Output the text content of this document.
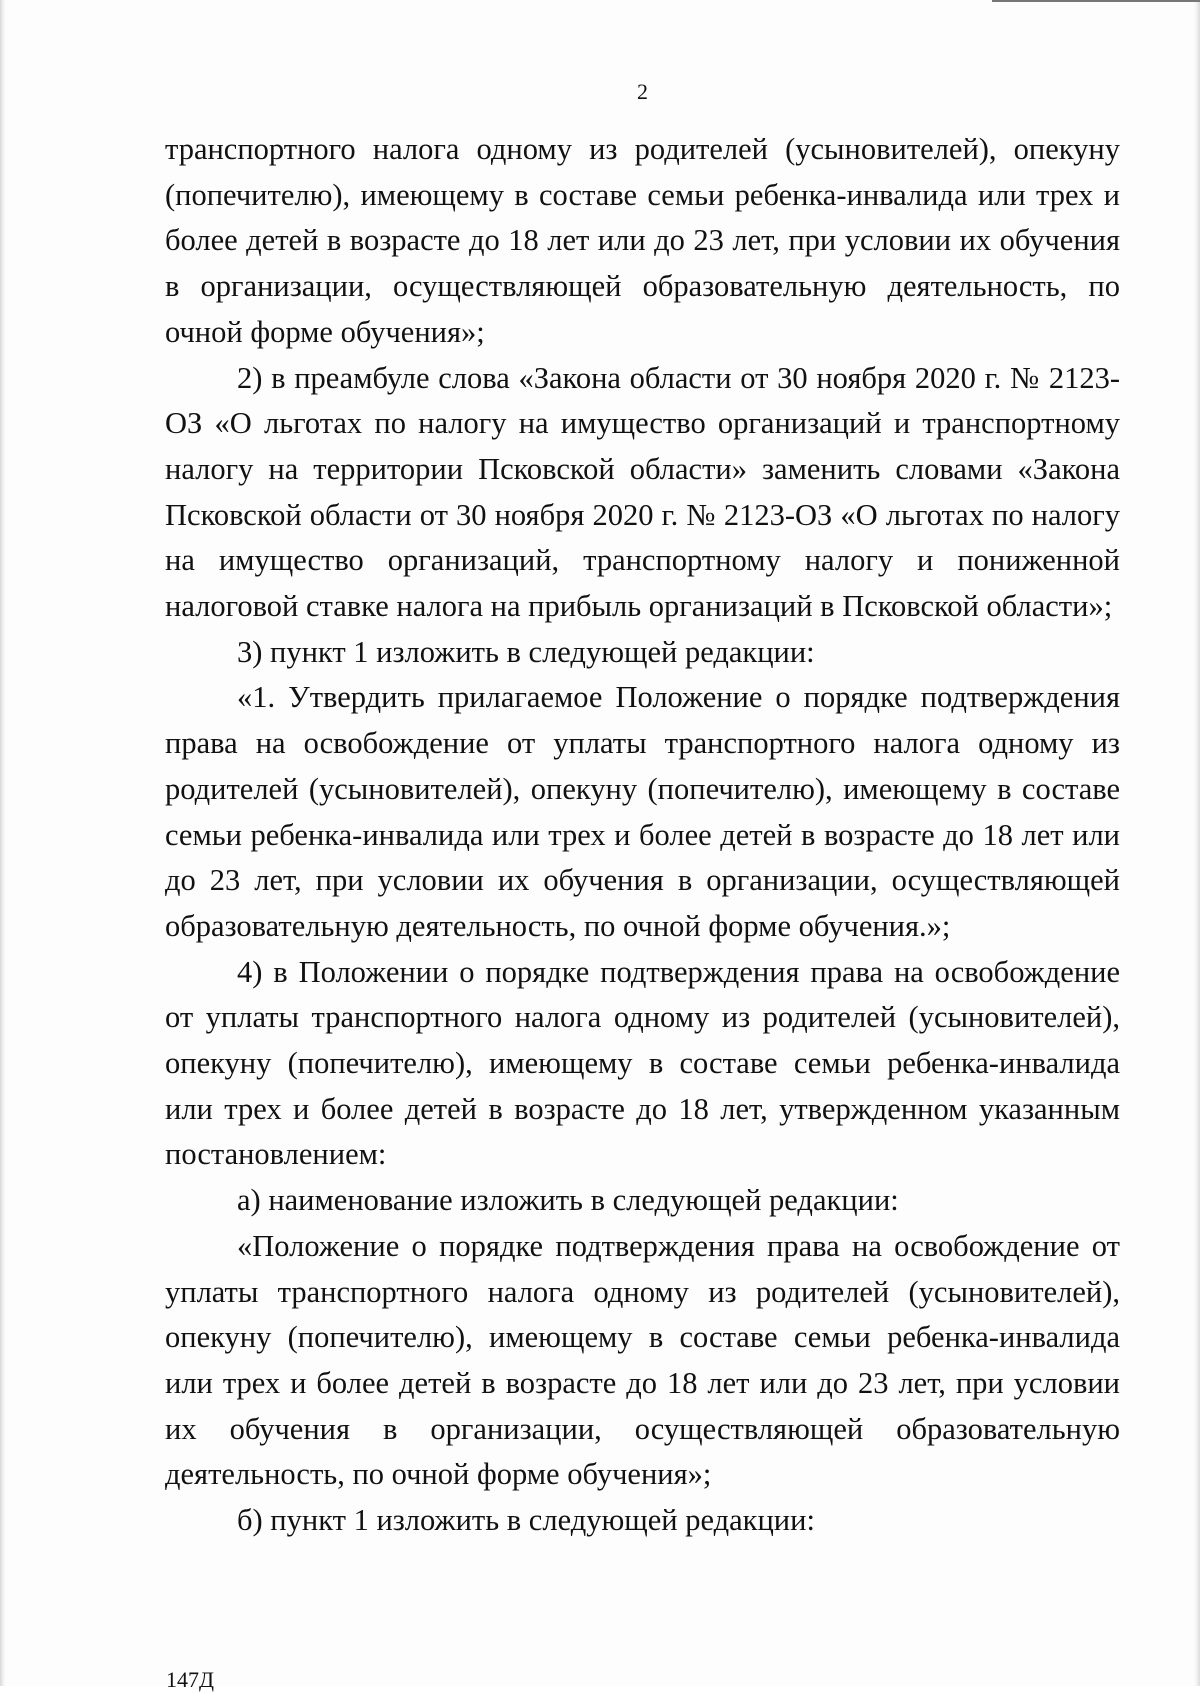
2

транспортного налога одному из родителей (усыновителей), опекуну (попечителю), имеющему в составе семьи ребенка-инвалида или трех и более детей в возрасте до 18 лет или до 23 лет, при условии их обучения в организации, осуществляющей образовательную деятельность, по очной форме обучения»;

2) в преамбуле слова «Закона области от 30 ноября 2020 г. № 2123-ОЗ «О льготах по налогу на имущество организаций и транспортному налогу на территории Псковской области» заменить словами «Закона Псковской области от 30 ноября 2020 г. № 2123-ОЗ «О льготах по налогу на имущество организаций, транспортному налогу и пониженной налоговой ставке налога на прибыль организаций в Псковской области»;

3) пункт 1 изложить в следующей редакции:

«1. Утвердить прилагаемое Положение о порядке подтверждения права на освобождение от уплаты транспортного налога одному из родителей (усыновителей), опекуну (попечителю), имеющему в составе семьи ребенка-инвалида или трех и более детей в возрасте до 18 лет или до 23 лет, при условии их обучения в организации, осуществляющей образовательную деятельность, по очной форме обучения.»;

4) в Положении о порядке подтверждения права на освобождение от уплаты транспортного налога одному из родителей (усыновителей), опекуну (попечителю), имеющему в составе семьи ребенка-инвалида или трех и более детей в возрасте до 18 лет, утвержденном указанным постановлением:

а) наименование изложить в следующей редакции:

«Положение о порядке подтверждения права на освобождение от уплаты транспортного налога одному из родителей (усыновителей), опекуну (попечителю), имеющему в составе семьи ребенка-инвалида или трех и более детей в возрасте до 18 лет или до 23 лет, при условии их обучения в организации, осуществляющей образовательную деятельность, по очной форме обучения»;

б) пункт 1 изложить в следующей редакции:

147Д
